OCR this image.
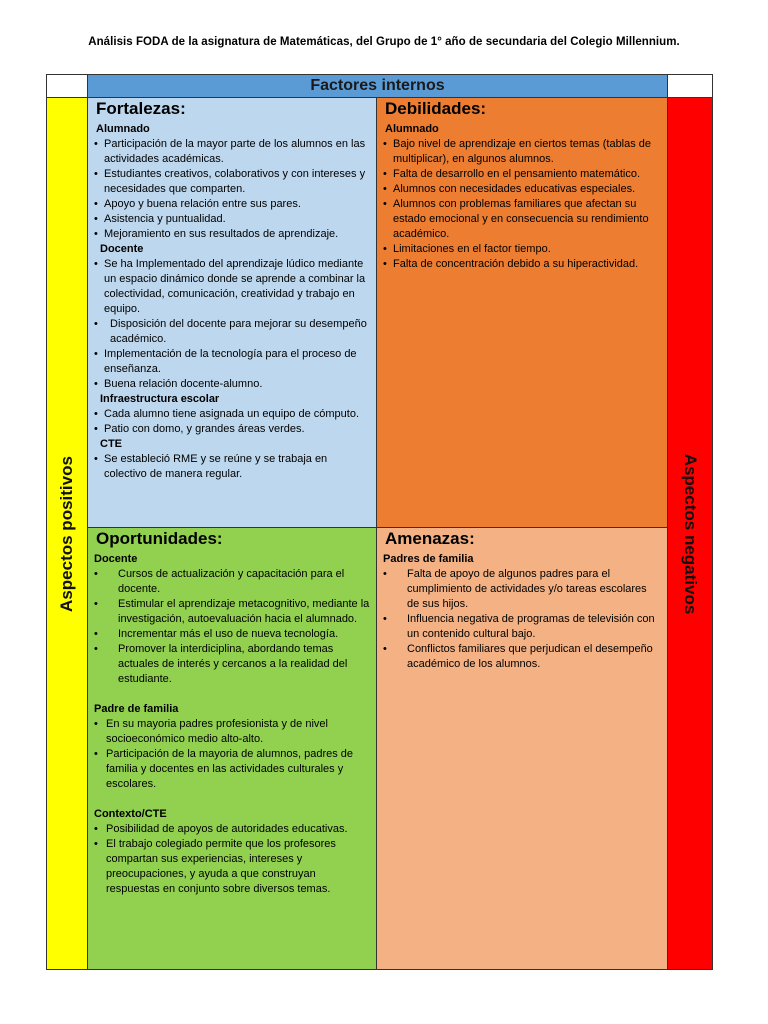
Análisis FODA de la asignatura de Matemáticas, del Grupo de 1° año de secundaria del Colegio Millennium.
Factores internos
Aspectos positivos	Aspectos negativos
Fortalezas:
Alumnado
• Participación de la mayor parte de los alumnos en las actividades académicas.
• Estudiantes creativos, colaborativos y con intereses y necesidades que comparten.
• Apoyo y buena relación entre sus pares.
• Asistencia y puntualidad.
• Mejoramiento en sus resultados de aprendizaje.
Docente
• Se ha Implementado del aprendizaje lúdico mediante un espacio dinámico donde se aprende a combinar la colectividad, comunicación, creatividad y trabajo en equipo.
• Disposición del docente para mejorar su desempeño académico.
• Implementación de la tecnología para el proceso de enseñanza.
• Buena relación docente-alumno.
Infraestructura escolar
• Cada alumno tiene asignada un equipo de cómputo.
• Patio con domo, y grandes áreas verdes.
CTE
• Se estableció RME y se reúne y se trabaja en colectivo de manera regular.
Debilidades:
Alumnado
• Bajo nivel de aprendizaje en ciertos temas (tablas de multiplicar), en algunos alumnos.
• Falta de desarrollo en el pensamiento matemático.
• Alumnos con necesidades educativas especiales.
• Alumnos con problemas familiares que afectan su estado emocional y en consecuencia su rendimiento académico.
• Limitaciones en el factor tiempo.
• Falta de concentración debido a su hiperactividad.
Oportunidades:
Docente
• Cursos de actualización y capacitación para el docente.
• Estimular el aprendizaje metacognitivo, mediante la investigación, autoevaluación hacia el alumnado.
• Incrementar más el uso de nueva tecnología.
• Promover la interdiciplina, abordando temas actuales de interés y cercanos a la realidad del estudiante.
Padre de familia
• En su mayoria padres profesionista y de nivel socioeconómico medio alto-alto.
• Participación de la mayoria de alumnos, padres de familia y docentes en las actividades culturales y escolares.
Contexto/CTE
• Posibilidad de apoyos de autoridades educativas.
• El trabajo colegiado permite que los profesores compartan sus experiencias, intereses y preocupaciones, y ayuda a que construyan respuestas en conjunto sobre diversos temas.
Amenazas:
Padres de familia
• Falta de apoyo de algunos padres para el cumplimiento de actividades y/o tareas escolares de sus hijos.
• Influencia negativa de programas de televisión con un contenido cultural bajo.
• Conflictos familiares que perjudican el desempeño académico de los alumnos.
